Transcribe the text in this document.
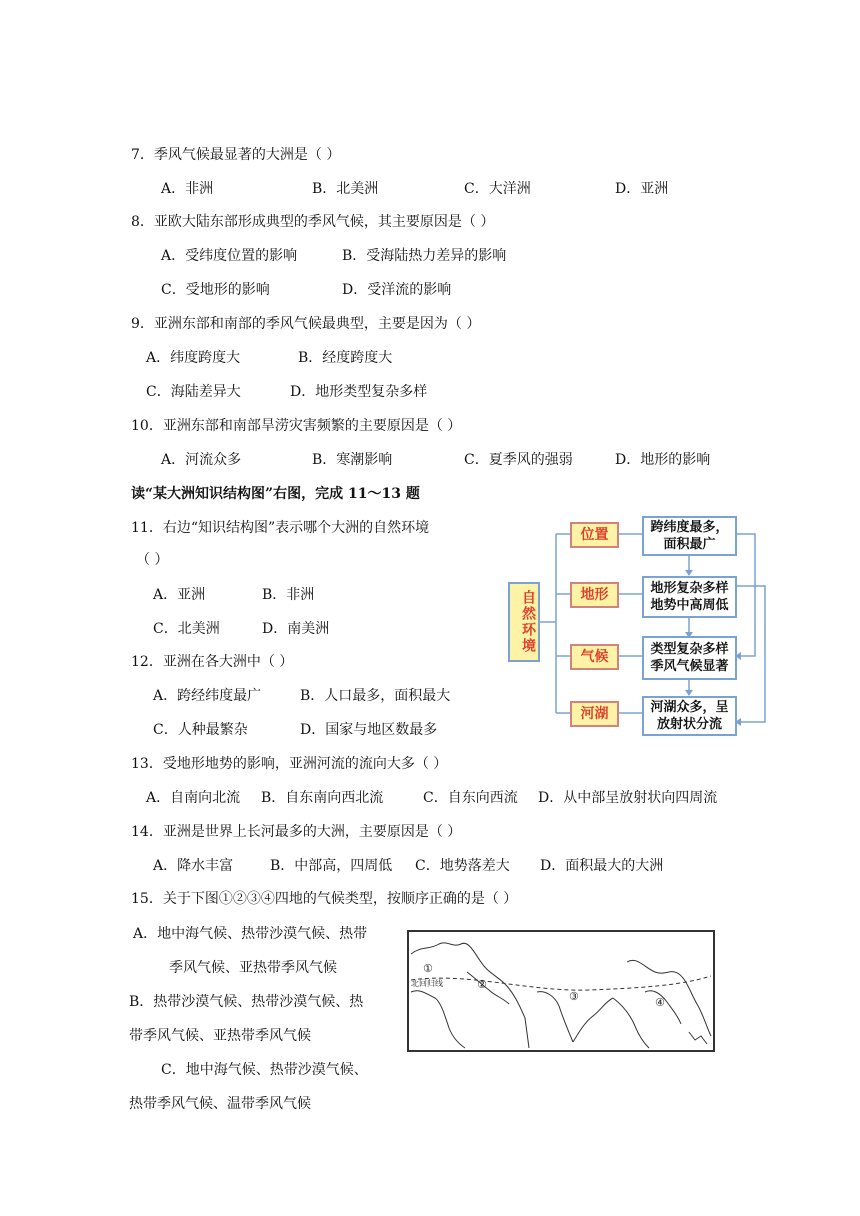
7．季风气候最显著的大洲是（ ）
A．非洲	B．北美洲	C．大洋洲	D．亚洲
8．亚欧大陆东部形成典型的季风气候，其主要原因是（ ）
A．受纬度位置的影响	B．受海陆热力差异的影响
C．受地形的影响	D．受洋流的影响
9．亚洲东部和南部的季风气候最典型，主要是因为（ ）
A．纬度跨度大	B．经度跨度大
C．海陆差异大	D．地形类型复杂多样
10．亚洲东部和南部旱涝灾害频繁的主要原因是（ ）
A．河流众多	B．寒潮影响	C．夏季风的强弱	D．地形的影响
读“某大洲知识结构图”右图，完成 11～13 题
11．右边“知识结构图”表示哪个大洲的自然环境
（ ）
A．亚洲	B．非洲
C．北美洲	D．南美洲
12．亚洲在各大洲中（ ）
A．跨经纬度最广	B．人口最多，面积最大
C．人种最繁杂	D．国家与地区数最多
自然环境
位置
地形
气候
河湖
跨纬度最多，
面积最广
地形复杂多样
地势中高周低
类型复杂多样
季风气候显著
河湖众多，呈
放射状分流
13．受地形地势的影响，亚洲河流的流向大多（ ）
A．自南向北流 B．自东南向西北流	C．自东向西流 D．从中部呈放射状向四周流
14．亚洲是世界上长河最多的大洲，主要原因是（ ）
A．降水丰富	B．中部高，四周低 C．地势落差大 D．面积最大的大洲
15．关于下图①②③④四地的气候类型，按顺序正确的是（ ）
A．地中海气候、热带沙漠气候、热带
季风气候、亚热带季风气候
B．热带沙漠气候、热带沙漠气候、热
带季风气候、亚热带季风气候
C．地中海气候、热带沙漠气候、
热带季风气候、温带季风气候
①
②
③	④
北回归线
